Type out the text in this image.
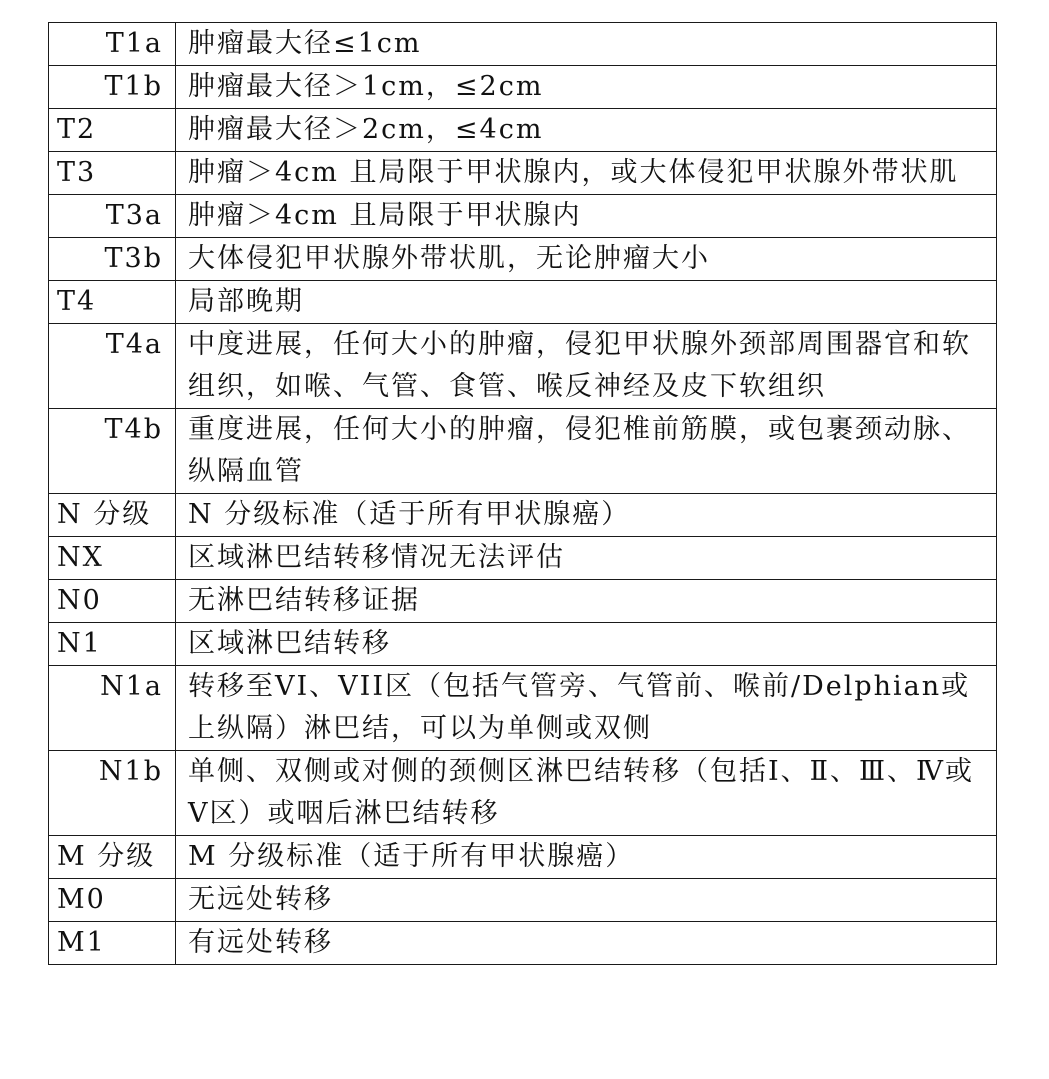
T1a	肿瘤最大径≤1cm
T1b	肿瘤最大径＞1cm，≤2cm
T2	肿瘤最大径＞2cm，≤4cm
T3	肿瘤＞4cm 且局限于甲状腺内，或大体侵犯甲状腺外带状肌
T3a	肿瘤＞4cm 且局限于甲状腺内
T3b	大体侵犯甲状腺外带状肌，无论肿瘤大小
T4	局部晚期
T4a	中度进展，任何大小的肿瘤，侵犯甲状腺外颈部周围器官和软组织，如喉、气管、食管、喉反神经及皮下软组织
T4b	重度进展，任何大小的肿瘤，侵犯椎前筋膜，或包裹颈动脉、纵隔血管
N 分级	N 分级标准（适于所有甲状腺癌）
NX	区域淋巴结转移情况无法评估
N0	无淋巴结转移证据
N1	区域淋巴结转移
N1a	转移至VI、VII区（包括气管旁、气管前、喉前/Delphian或上纵隔）淋巴结，可以为单侧或双侧
N1b	单侧、双侧或对侧的颈侧区淋巴结转移（包括Ⅰ、Ⅱ、Ⅲ、Ⅳ或Ⅴ区）或咽后淋巴结转移
M 分级	M 分级标准（适于所有甲状腺癌）
M0	无远处转移
M1	有远处转移
